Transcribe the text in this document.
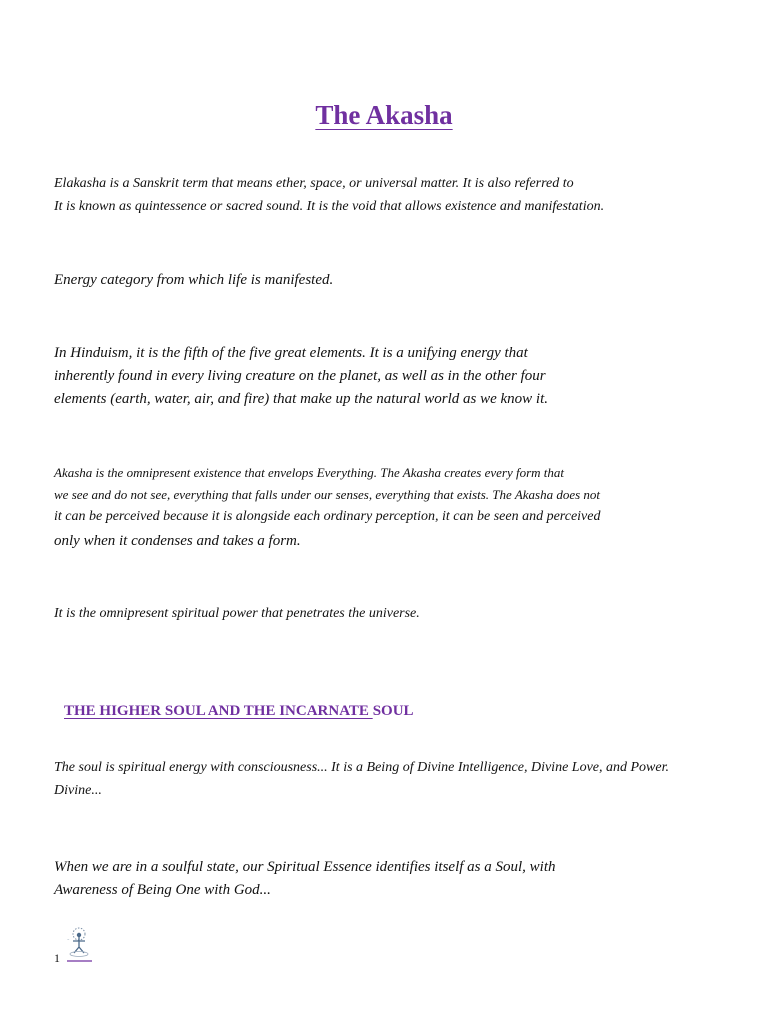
The Akasha
Elakasha is a Sanskrit term that means ether, space, or universal matter. It is also referred to
It is known as quintessence or sacred sound. It is the void that allows existence and manifestation.
Energy category from which life is manifested.
In Hinduism, it is the fifth of the five great elements. It is a unifying energy that
inherently found in every living creature on the planet, as well as in the other four
elements (earth, water, air, and fire) that make up the natural world as we know it.
Akasha is the omnipresent existence that envelops Everything. The Akasha creates every form that
we see and do not see, everything that falls under our senses, everything that exists. The Akasha does not
it can be perceived because it is alongside each ordinary perception, it can be seen and perceived
only when it condenses and takes a form.
It is the omnipresent spiritual power that penetrates the universe.
THE HIGHER SOUL AND THE INCARNATE SOUL
The soul is spiritual energy with consciousness... It is a Being of Divine Intelligence, Divine Love, and Power.
Divine...
When we are in a soulful state, our Spiritual Essence identifies itself as a Soul, with
Awareness of Being One with God...
1
~
